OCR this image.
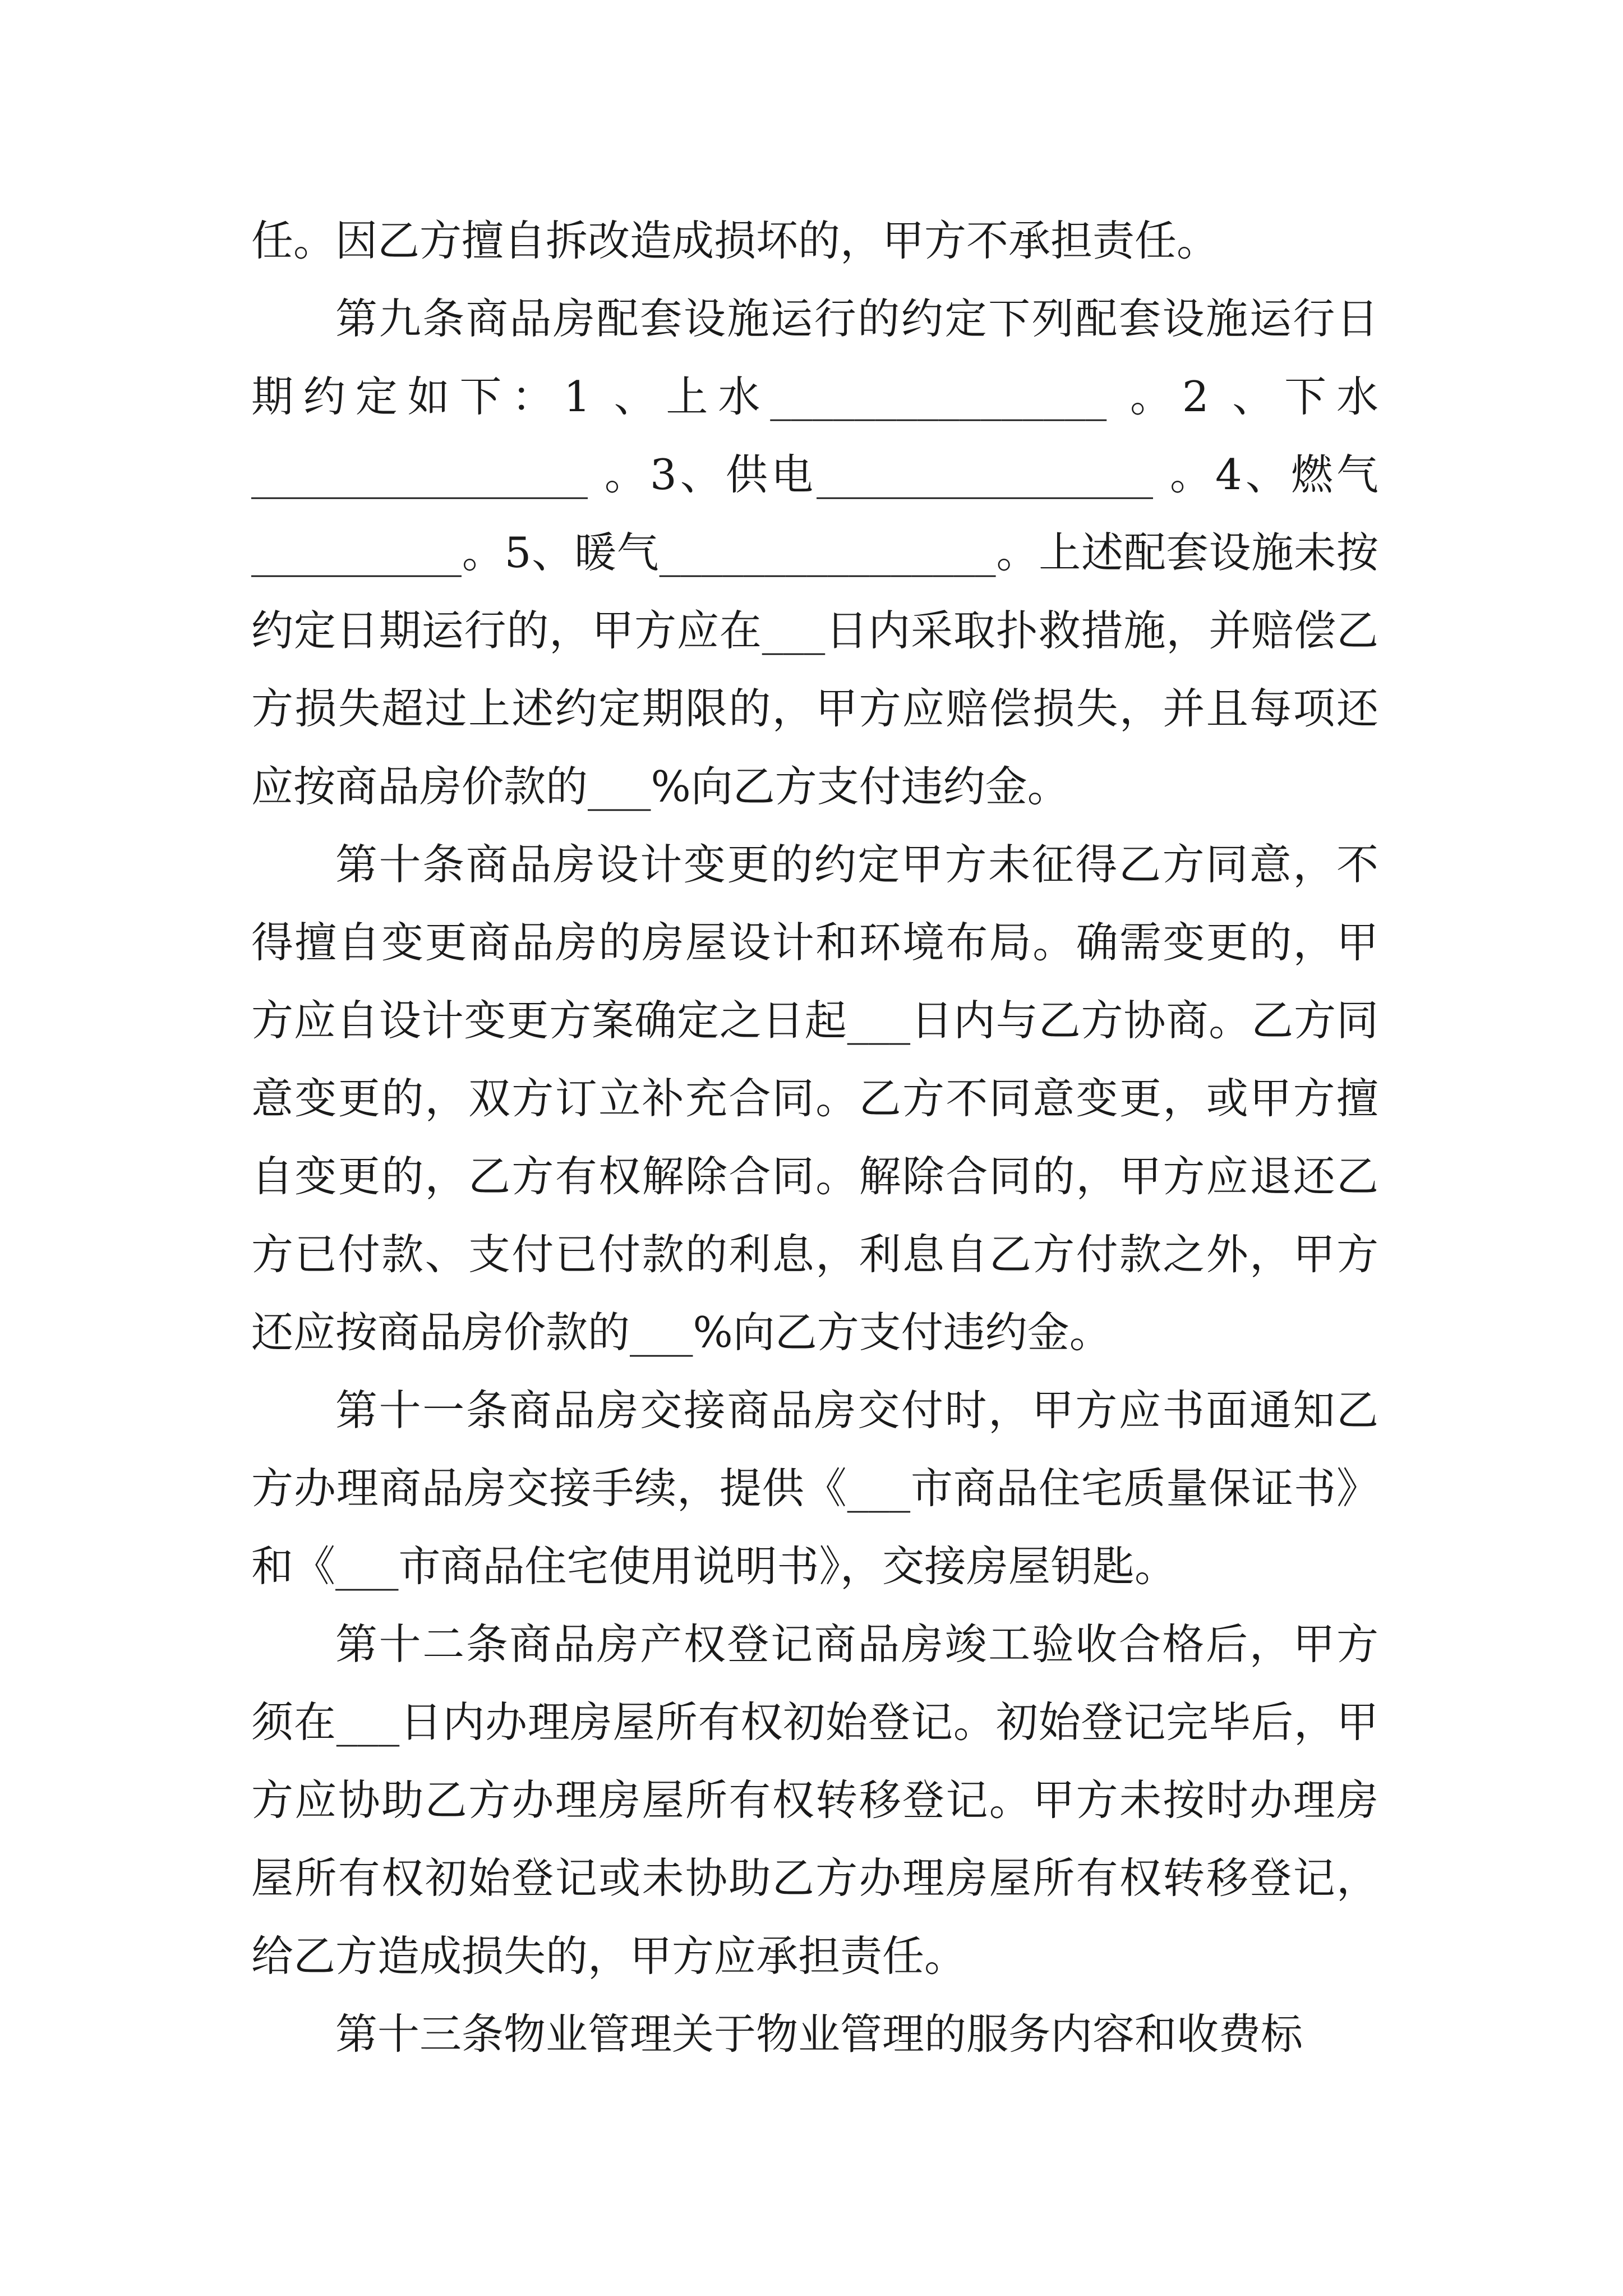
任。因乙方擅自拆改造成损坏的，甲方不承担责任。

第九条商品房配套设施运行的约定下列配套设施运行日期约定如下：1 、上水________________ 。2 、下水________________ 。3、供电________________ 。4、燃气__________。5、暖气________________。上述配套设施未按约定日期运行的，甲方应在___日内采取扑救措施，并赔偿乙方损失超过上述约定期限的，甲方应赔偿损失，并且每项还应按商品房价款的___%向乙方支付违约金。

第十条商品房设计变更的约定甲方未征得乙方同意，不得擅自变更商品房的房屋设计和环境布局。确需变更的，甲方应自设计变更方案确定之日起___日内与乙方协商。乙方同意变更的，双方订立补充合同。乙方不同意变更，或甲方擅自变更的，乙方有权解除合同。解除合同的，甲方应退还乙方已付款、支付已付款的利息，利息自乙方付款之外，甲方还应按商品房价款的___%向乙方支付违约金。

第十一条商品房交接商品房交付时，甲方应书面通知乙方办理商品房交接手续，提供《___市商品住宅质量保证书》和《___市商品住宅使用说明书》，交接房屋钥匙。

第十二条商品房产权登记商品房竣工验收合格后，甲方须在___日内办理房屋所有权初始登记。初始登记完毕后，甲方应协助乙方办理房屋所有权转移登记。甲方未按时办理房屋所有权初始登记或未协助乙方办理房屋所有权转移登记，给乙方造成损失的，甲方应承担责任。

第十三条物业管理关于物业管理的服务内容和收费标
